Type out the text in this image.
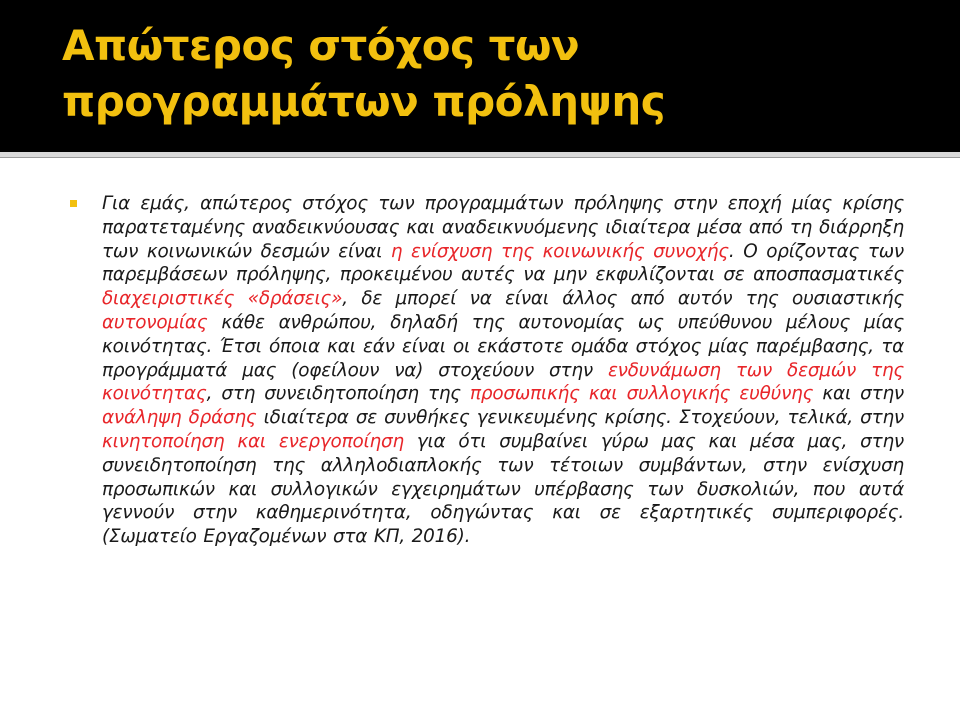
Απώτερος στόχος των
προγραμμάτων πρόληψης

Για εμάς, απώτερος στόχος των προγραμμάτων πρόληψης στην εποχή μίας κρίσης παρατεταμένης αναδεικνύουσας και αναδεικνυόμενης ιδιαίτερα μέσα από τη διάρρηξη των κοινωνικών δεσμών είναι η ενίσχυση της κοινωνικής συνοχής. Ο ορίζοντας των παρεμβάσεων πρόληψης, προκειμένου αυτές να μην εκφυλίζονται σε αποσπασματικές διαχειριστικές «δράσεις», δε μπορεί να είναι άλλος από αυτόν της ουσιαστικής αυτονομίας κάθε ανθρώπου, δηλαδή της αυτονομίας ως υπεύθυνου μέλους μίας κοινότητας. Έτσι όποια και εάν είναι οι εκάστοτε ομάδα στόχος μίας παρέμβασης, τα προγράμματά μας (οφείλουν να) στοχεύουν στην ενδυνάμωση των δεσμών της κοινότητας, στη συνειδητοποίηση της προσωπικής και συλλογικής ευθύνης και στην ανάληψη δράσης ιδιαίτερα σε συνθήκες γενικευμένης κρίσης. Στοχεύουν, τελικά, στην κινητοποίηση και ενεργοποίηση για ότι συμβαίνει γύρω μας και μέσα μας, στην συνειδητοποίηση της αλληλοδιαπλοκής των τέτοιων συμβάντων, στην ενίσχυση προσωπικών και συλλογικών εγχειρημάτων υπέρβασης των δυσκολιών, που αυτά γεννούν στην καθημερινότητα, οδηγώντας και σε εξαρτητικές συμπεριφορές. (Σωματείο Εργαζομένων στα ΚΠ, 2016).
